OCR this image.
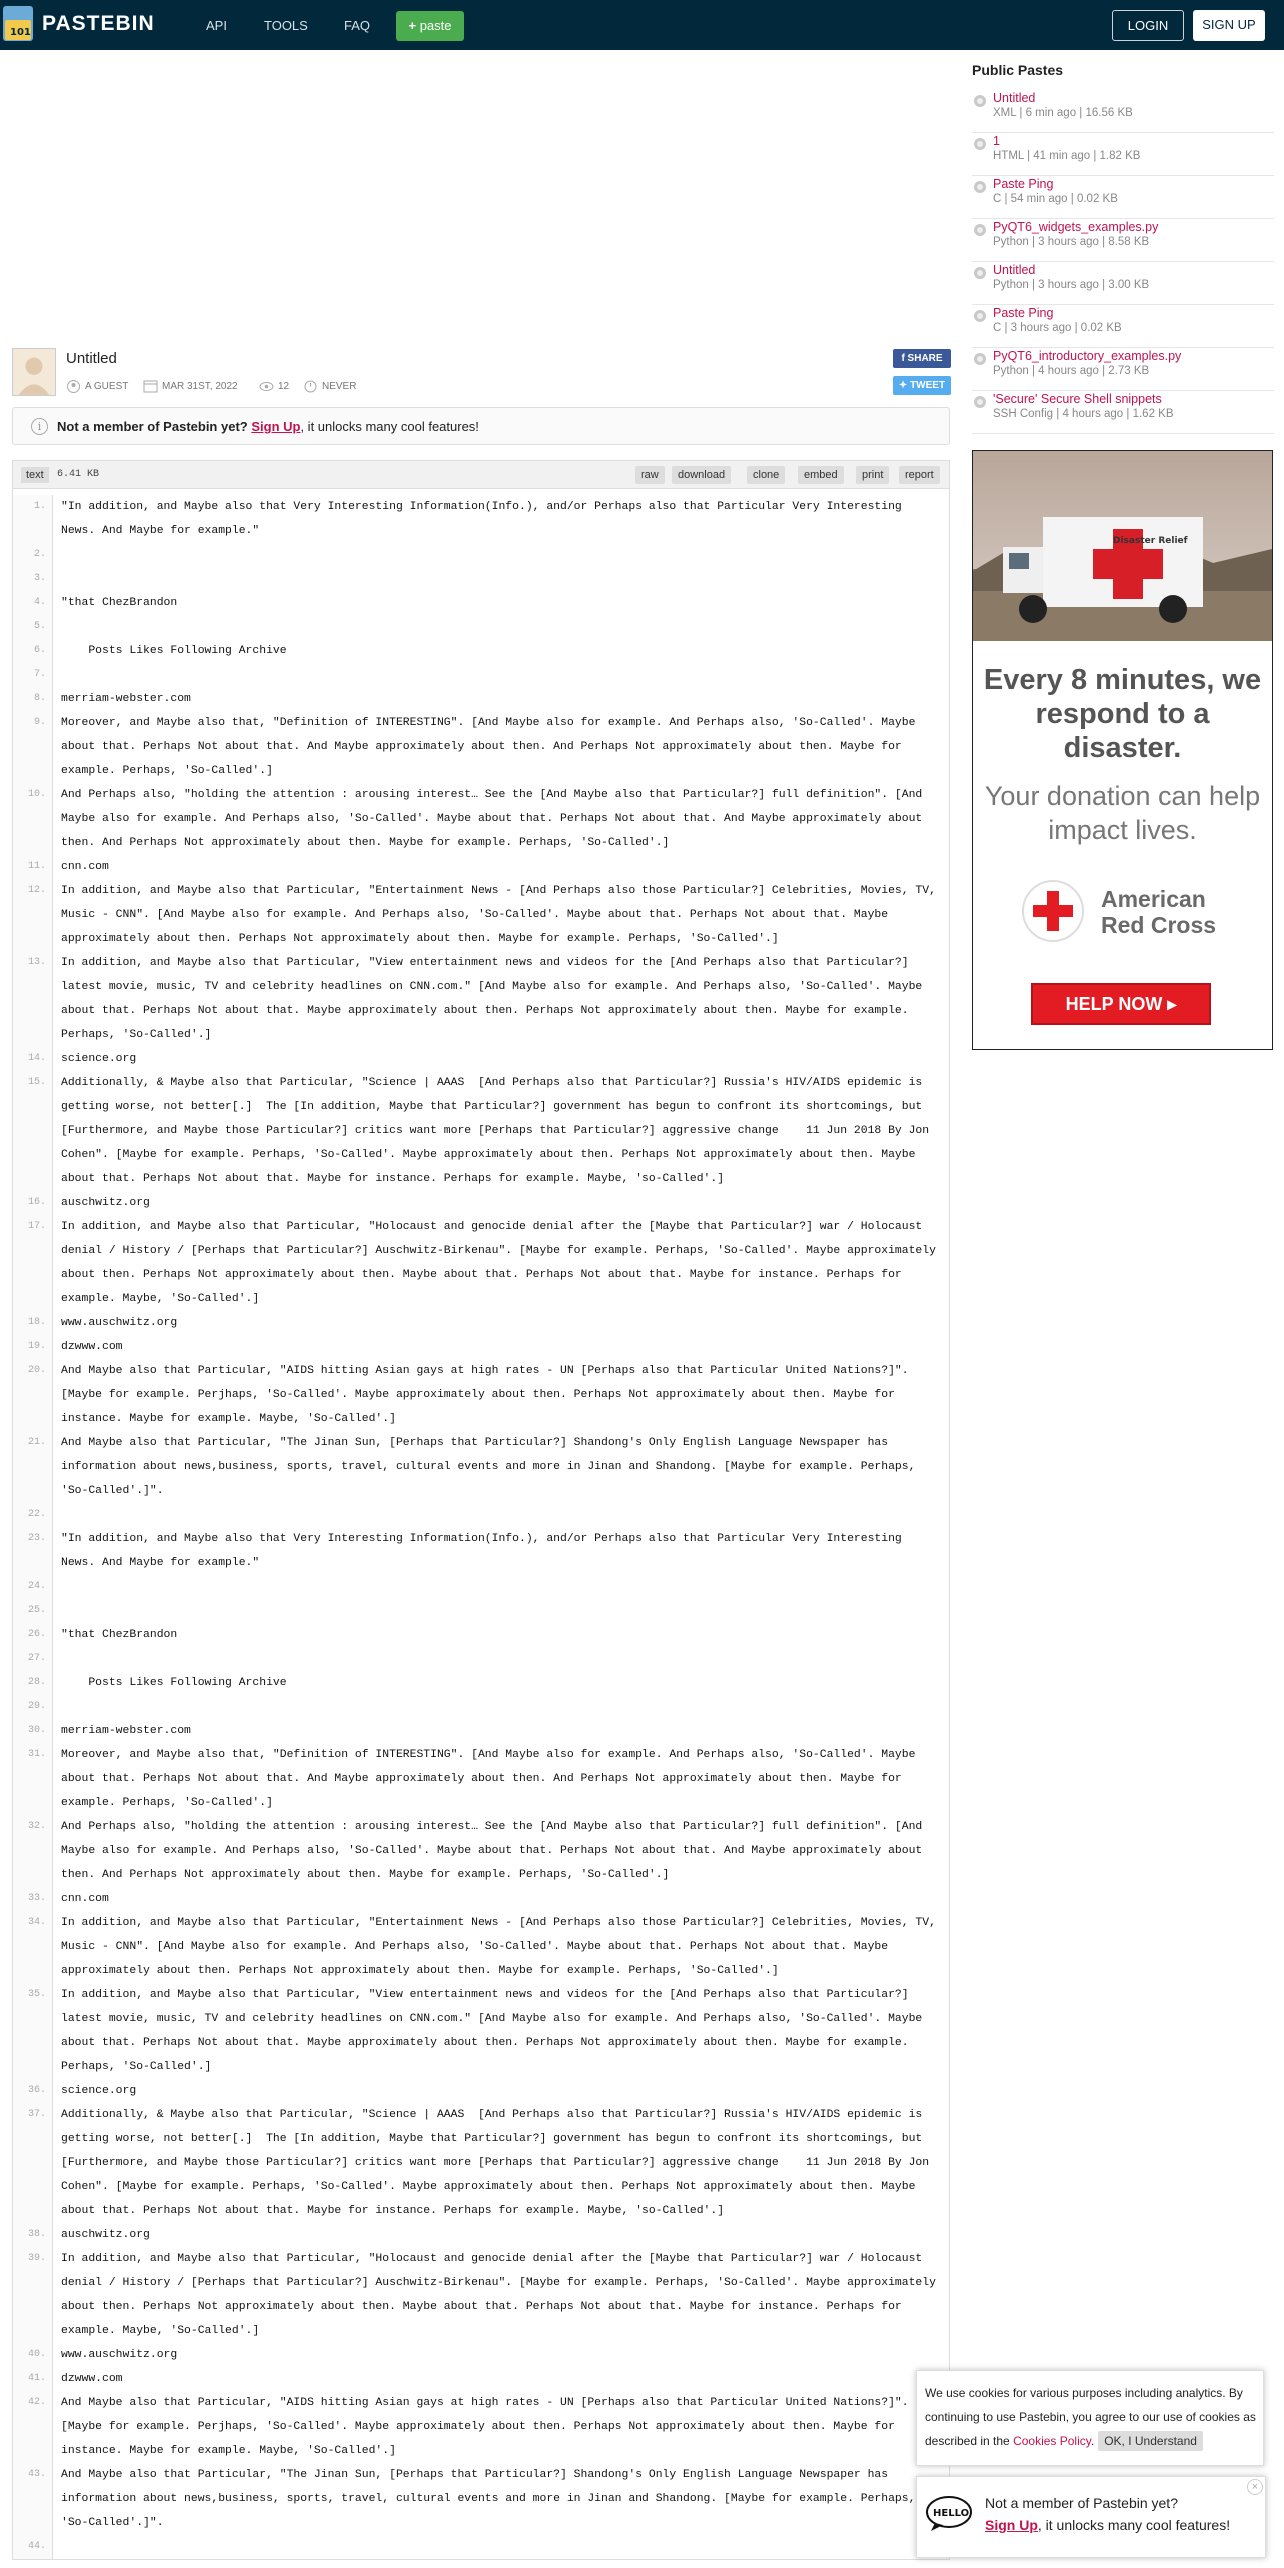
101 PASTEBIN	API	TOOLS	FAQ	+ paste	LOGIN	SIGN UP
Untitled
A GUEST	MAR 31ST, 2022	12	NEVER
f SHARE
✦ TWEET
i	Not a member of Pastebin yet? Sign Up, it unlocks many cool features!
text	6.41 KB	raw	download	clone	embed	print	report
1.	"In addition, and Maybe also that Very Interesting Information(Info.), and/or Perhaps also that Particular Very Interesting News. And Maybe for example."
2.
3.
4.	"that ChezBrandon
5.
6.	Posts Likes Following Archive
7.
8.	merriam-webster.com
9.	Moreover, and Maybe also that, "Definition of INTERESTING". [And Maybe also for example. And Perhaps also, 'So-Called'. Maybe about that. Perhaps Not about that. And Maybe approximately about then. And Perhaps Not approximately about then. Maybe for example. Perhaps, 'So-Called'.]
10.	And Perhaps also, "holding the attention : arousing interest… See the [And Maybe also that Particular?] full definition". [And Maybe also for example. And Perhaps also, 'So-Called'. Maybe about that. Perhaps Not about that. And Maybe approximately about then. And Perhaps Not approximately about then. Maybe for example. Perhaps, 'So-Called'.]
11.	cnn.com
12.	In addition, and Maybe also that Particular, "Entertainment News - [And Perhaps also those Particular?] Celebrities, Movies, TV, Music - CNN". [And Maybe also for example. And Perhaps also, 'So-Called'. Maybe about that. Perhaps Not about that. Maybe approximately about then. Perhaps Not approximately about then. Maybe for example. Perhaps, 'So-Called'.]
13.	In addition, and Maybe also that Particular, "View entertainment news and videos for the [And Perhaps also that Particular?] latest movie, music, TV and celebrity headlines on CNN.com." [And Maybe also for example. And Perhaps also, 'So-Called'. Maybe about that. Perhaps Not about that. Maybe approximately about then. Perhaps Not approximately about then. Maybe for example. Perhaps, 'So-Called'.]
14.	science.org
15.	Additionally, & Maybe also that Particular, "Science | AAAS  [And Perhaps also that Particular?] Russia's HIV/AIDS epidemic is getting worse, not better[.]  The [In addition, Maybe that Particular?] government has begun to confront its shortcomings, but [Furthermore, and Maybe those Particular?] critics want more [Perhaps that Particular?] aggressive change    11 Jun 2018 By Jon Cohen". [Maybe for example. Perhaps, 'So-Called'. Maybe approximately about then. Perhaps Not approximately about then. Maybe about that. Perhaps Not about that. Maybe for instance. Perhaps for example. Maybe, 'so-Called'.]
16.	auschwitz.org
17.	In addition, and Maybe also that Particular, "Holocaust and genocide denial after the [Maybe that Particular?] war / Holocaust denial / History / [Perhaps that Particular?] Auschwitz-Birkenau". [Maybe for example. Perhaps, 'So-Called'. Maybe approximately about then. Perhaps Not approximately about then. Maybe about that. Perhaps Not about that. Maybe for instance. Perhaps for example. Maybe, 'So-Called'.]
18.	www.auschwitz.org
19.	dzwww.com
20.	And Maybe also that Particular, "AIDS hitting Asian gays at high rates - UN [Perhaps also that Particular United Nations?]". [Maybe for example. Perjhaps, 'So-Called'. Maybe approximately about then. Perhaps Not approximately about then. Maybe for instance. Maybe for example. Maybe, 'So-Called'.]
21.	And Maybe also that Particular, "The Jinan Sun, [Perhaps that Particular?] Shandong's Only English Language Newspaper has information about news,business, sports, travel, cultural events and more in Jinan and Shandong. [Maybe for example. Perhaps, 'So-Called'.]".
22.
23.	"In addition, and Maybe also that Very Interesting Information(Info.), and/or Perhaps also that Particular Very Interesting News. And Maybe for example."
24.
25.
26.	"that ChezBrandon
27.
28.	Posts Likes Following Archive
29.
30.	merriam-webster.com
31.	Moreover, and Maybe also that, "Definition of INTERESTING". [And Maybe also for example. And Perhaps also, 'So-Called'. Maybe about that. Perhaps Not about that. And Maybe approximately about then. And Perhaps Not approximately about then. Maybe for example. Perhaps, 'So-Called'.]
32.	And Perhaps also, "holding the attention : arousing interest… See the [And Maybe also that Particular?] full definition". [And Maybe also for example. And Perhaps also, 'So-Called'. Maybe about that. Perhaps Not about that. And Maybe approximately about then. And Perhaps Not approximately about then. Maybe for example. Perhaps, 'So-Called'.]
33.	cnn.com
34.	In addition, and Maybe also that Particular, "Entertainment News - [And Perhaps also those Particular?] Celebrities, Movies, TV, Music - CNN". [And Maybe also for example. And Perhaps also, 'So-Called'. Maybe about that. Perhaps Not about that. Maybe approximately about then. Perhaps Not approximately about then. Maybe for example. Perhaps, 'So-Called'.]
35.	In addition, and Maybe also that Particular, "View entertainment news and videos for the [And Perhaps also that Particular?] latest movie, music, TV and celebrity headlines on CNN.com." [And Maybe also for example. And Perhaps also, 'So-Called'. Maybe about that. Perhaps Not about that. Maybe approximately about then. Perhaps Not approximately about then. Maybe for example. Perhaps, 'So-Called'.]
36.	science.org
37.	Additionally, & Maybe also that Particular, "Science | AAAS  [And Perhaps also that Particular?] Russia's HIV/AIDS epidemic is getting worse, not better[.]  The [In addition, Maybe that Particular?] government has begun to confront its shortcomings, but [Furthermore, and Maybe those Particular?] critics want more [Perhaps that Particular?] aggressive change    11 Jun 2018 By Jon Cohen". [Maybe for example. Perhaps, 'So-Called'. Maybe approximately about then. Perhaps Not approximately about then. Maybe about that. Perhaps Not about that. Maybe for instance. Perhaps for example. Maybe, 'so-Called'.]
38.	auschwitz.org
39.	In addition, and Maybe also that Particular, "Holocaust and genocide denial after the [Maybe that Particular?] war / Holocaust denial / History / [Perhaps that Particular?] Auschwitz-Birkenau". [Maybe for example. Perhaps, 'So-Called'. Maybe approximately about then. Perhaps Not approximately about then. Maybe about that. Perhaps Not about that. Maybe for instance. Perhaps for example. Maybe, 'So-Called'.]
40.	www.auschwitz.org
41.	dzwww.com
42.	And Maybe also that Particular, "AIDS hitting Asian gays at high rates - UN [Perhaps also that Particular United Nations?]". [Maybe for example. Perjhaps, 'So-Called'. Maybe approximately about then. Perhaps Not approximately about then. Maybe for instance. Maybe for example. Maybe, 'So-Called'.]
43.	And Maybe also that Particular, "The Jinan Sun, [Perhaps that Particular?] Shandong's Only English Language Newspaper has information about news,business, sports, travel, cultural events and more in Jinan and Shandong. [Maybe for example. Perhaps, 'So-Called'.]".
44.
Public Pastes
Untitled
XML | 6 min ago | 16.56 KB
1
HTML | 41 min ago | 1.82 KB
Paste Ping
C | 54 min ago | 0.02 KB
PyQT6_widgets_examples.py
Python | 3 hours ago | 8.58 KB
Untitled
Python | 3 hours ago | 3.00 KB
Paste Ping
C | 3 hours ago | 0.02 KB
PyQT6_introductory_examples.py
Python | 4 hours ago | 2.73 KB
'Secure' Secure Shell snippets
SSH Config | 4 hours ago | 1.62 KB
Disaster Relief
Every 8 minutes, we respond to a disaster.
Your donation can help impact lives.
American Red Cross
HELP NOW ▸
We use cookies for various purposes including analytics. By continuing to use Pastebin, you agree to our use of cookies as described in the Cookies Policy. OK, I Understand
HELLO
Not a member of Pastebin yet?
Sign Up, it unlocks many cool features!
×
